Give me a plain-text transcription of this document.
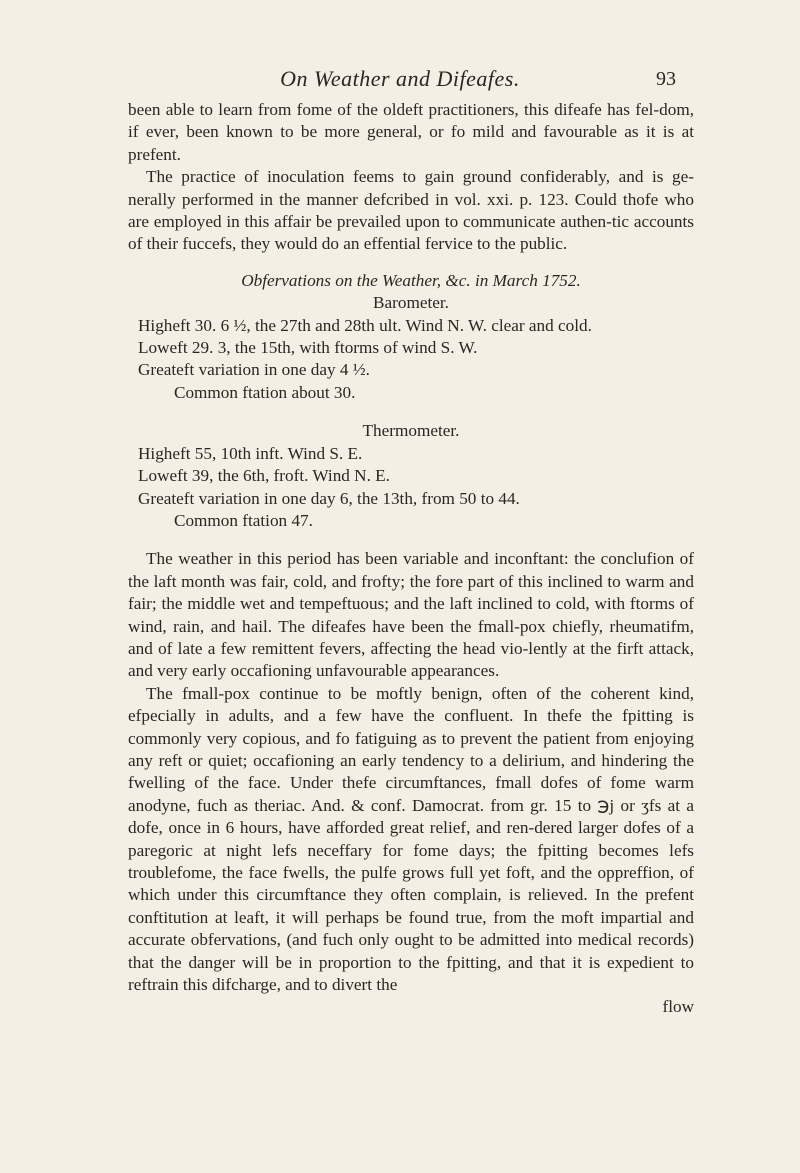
On Weather and Difeafes.	93

been able to learn from fome of the oldeft practitioners, this difeafe has fel-dom, if ever, been known to be more general, or fo mild and favourable as it is at prefent.

The practice of inoculation feems to gain ground confiderably, and is ge-nerally performed in the manner defcribed in vol. xxi. p. 123. Could thofe who are employed in this affair be prevailed upon to communicate authen-tic accounts of their fuccefs, they would do an effential fervice to the public.

Obfervations on the Weather, &c. in March 1752.

Barometer.

Higheft 30. 6 ½, the 27th and 28th ult. Wind N. W. clear and cold.

Loweft 29. 3, the 15th, with ftorms of wind S. W.

Greateft variation in one day 4 ½.

Common ftation about 30.

Thermometer.

Higheft 55, 10th inft. Wind S. E.

Loweft 39, the 6th, froft. Wind N. E.

Greateft variation in one day 6, the 13th, from 50 to 44.

Common ftation 47.

The weather in this period has been variable and inconftant: the conclufion of the laft month was fair, cold, and frofty; the fore part of this inclined to warm and fair; the middle wet and tempeftuous; and the laft inclined to cold, with ftorms of wind, rain, and hail. The difeafes have been the fmall-pox chiefly, rheumatifm, and of late a few remittent fevers, affecting the head vio-lently at the firft attack, and very early occafioning unfavourable appearances.

The fmall-pox continue to be moftly benign, often of the coherent kind, efpecially in adults, and a few have the confluent. In thefe the fpitting is commonly very copious, and fo fatiguing as to prevent the patient from enjoying any reft or quiet; occafioning an early tendency to a delirium, and hindering the fwelling of the face. Under thefe circumftances, fmall dofes of fome warm anodyne, fuch as theriac. And. & conf. Damocrat. from gr. 15 to ℈j or ʒfs at a dofe, once in 6 hours, have afforded great relief, and ren-dered larger dofes of a paregoric at night lefs neceffary for fome days; the fpitting becomes lefs troublefome, the face fwells, the pulfe grows full yet foft, and the oppreffion, of which under this circumftance they often complain, is relieved. In the prefent conftitution at leaft, it will perhaps be found true, from the moft impartial and accurate obfervations, (and fuch only ought to be admitted into medical records) that the danger will be in proportion to the fpitting, and that it is expedient to reftrain this difcharge, and to divert the

flow
